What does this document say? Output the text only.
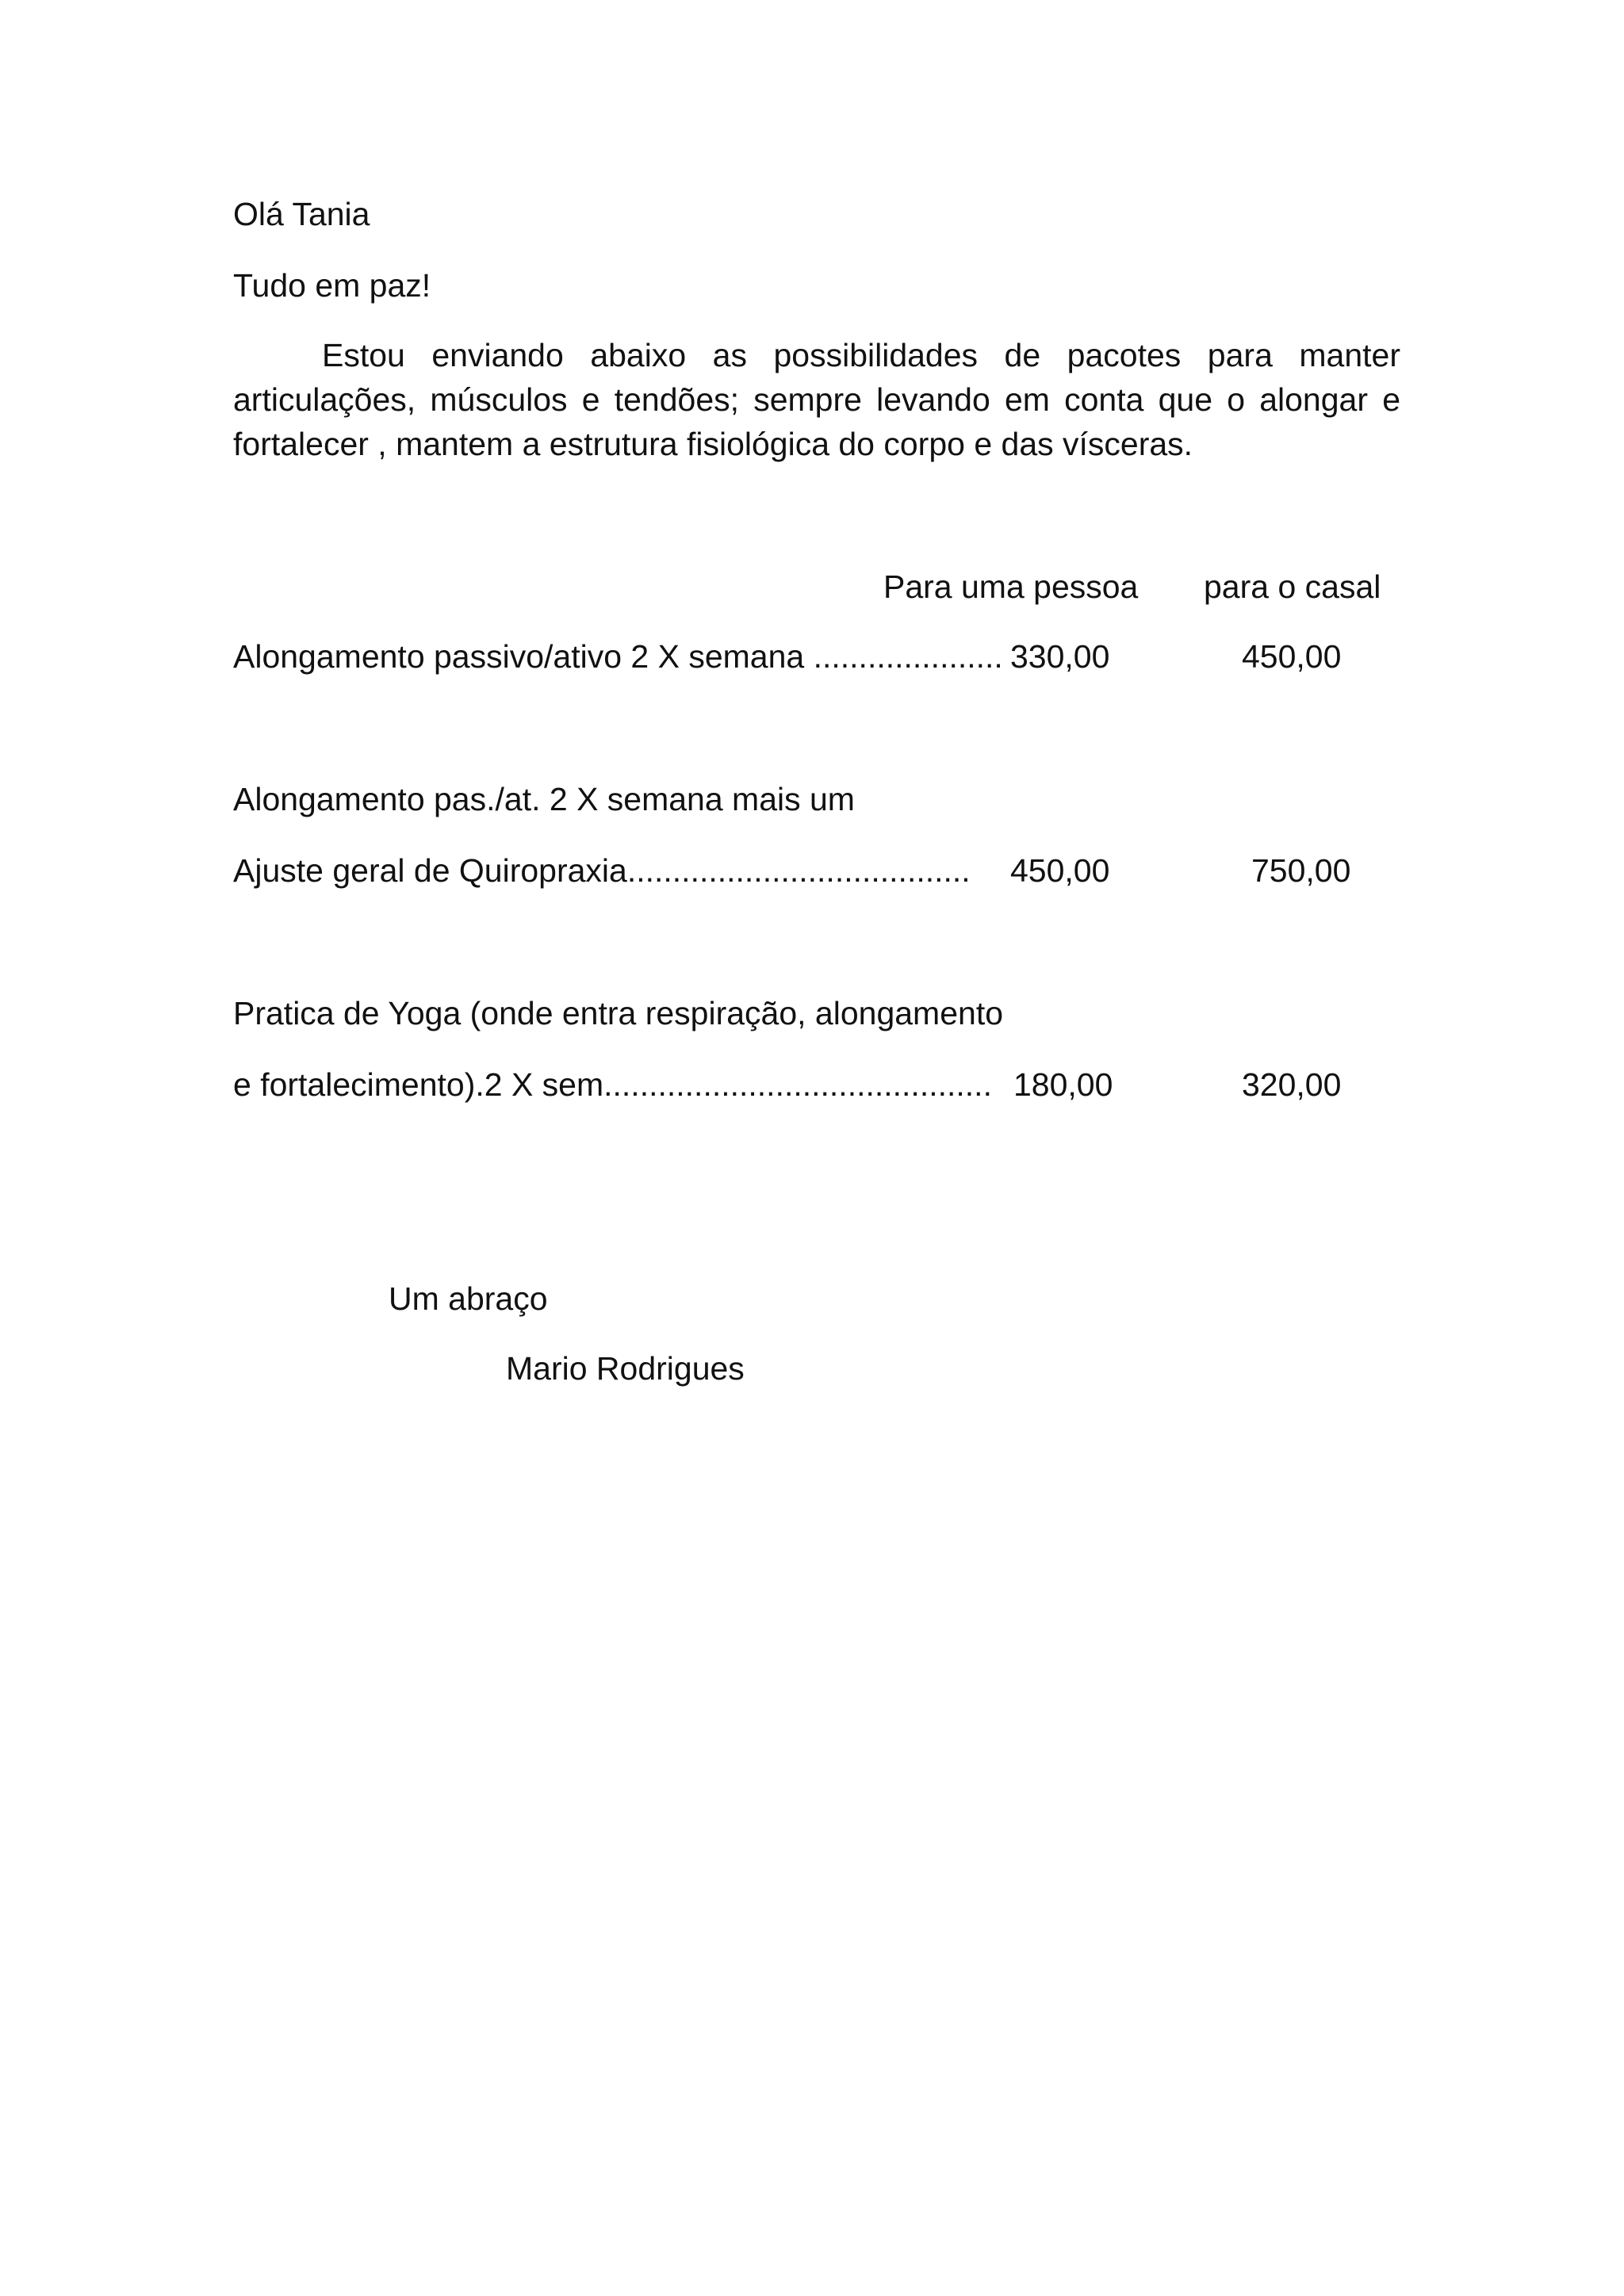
Olá Tania
Tudo em paz!

Estou enviando abaixo as possibilidades de pacotes para manter articulações, músculos e tendões; sempre levando em conta que o alongar e fortalecer , mantem a estrutura fisiológica do corpo e das vísceras.

Para uma pessoa para o casal
Alongamento passivo/ativo 2 X semana ..................... 330,00	450,00
Alongamento pas./at. 2 X semana mais um
Ajuste geral de Quiropraxia...................................... 450,00	750,00
Pratica de Yoga (onde entra respiração, alongamento
e fortalecimento).2 X sem........................................... 180,00	320,00
Um abraço
Mario Rodrigues
